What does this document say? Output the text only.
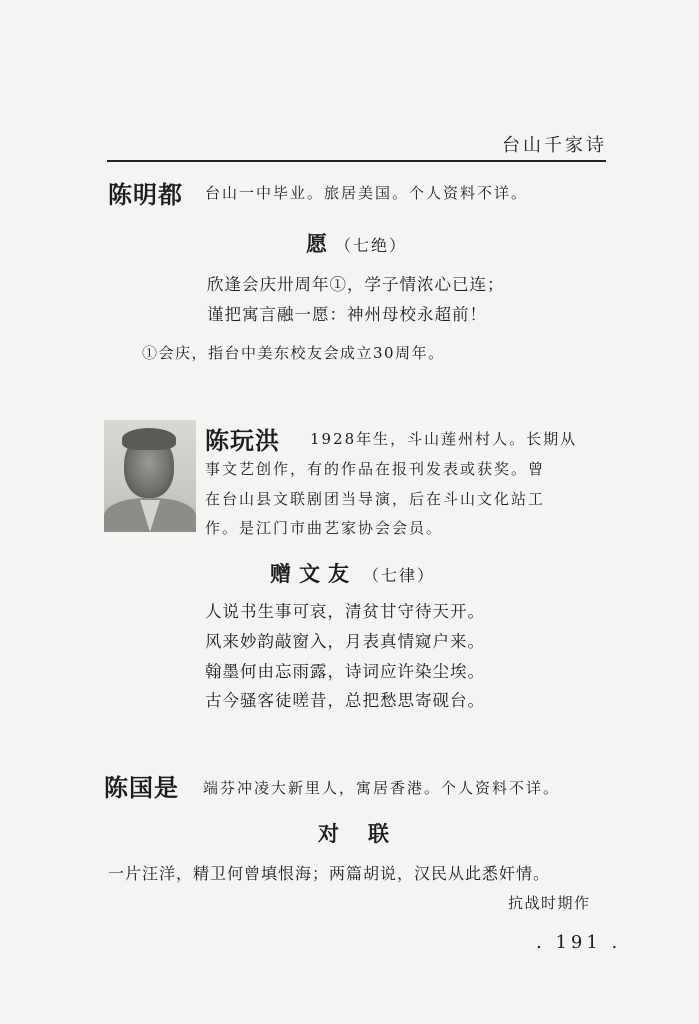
台山千家诗
陈明都 台山一中毕业。旅居美国。个人资料不详。
愿 （七绝）
欣逢会庆卅周年①，学子情浓心已连；
谨把寓言融一愿：神州母校永超前！
①会庆，指台中美东校友会成立30周年。
陈玩洪 1928年生，斗山莲州村人。长期从
事文艺创作，有的作品在报刊发表或获奖。曾
在台山县文联剧团当导演，后在斗山文化站工
作。是江门市曲艺家协会会员。
赠文友 （七律）
人说书生事可哀，清贫甘守待天开。
风来妙韵敲窗入，月表真情窥户来。
翰墨何由忘雨露，诗词应许染尘埃。
古今骚客徒嗟昔，总把愁思寄砚台。
陈国是 端芬冲凌大新里人，寓居香港。个人资料不详。
对　联
一片汪洋，精卫何曾填恨海；两篇胡说，汉民从此悉奸情。
抗战时期作
. 191 .
